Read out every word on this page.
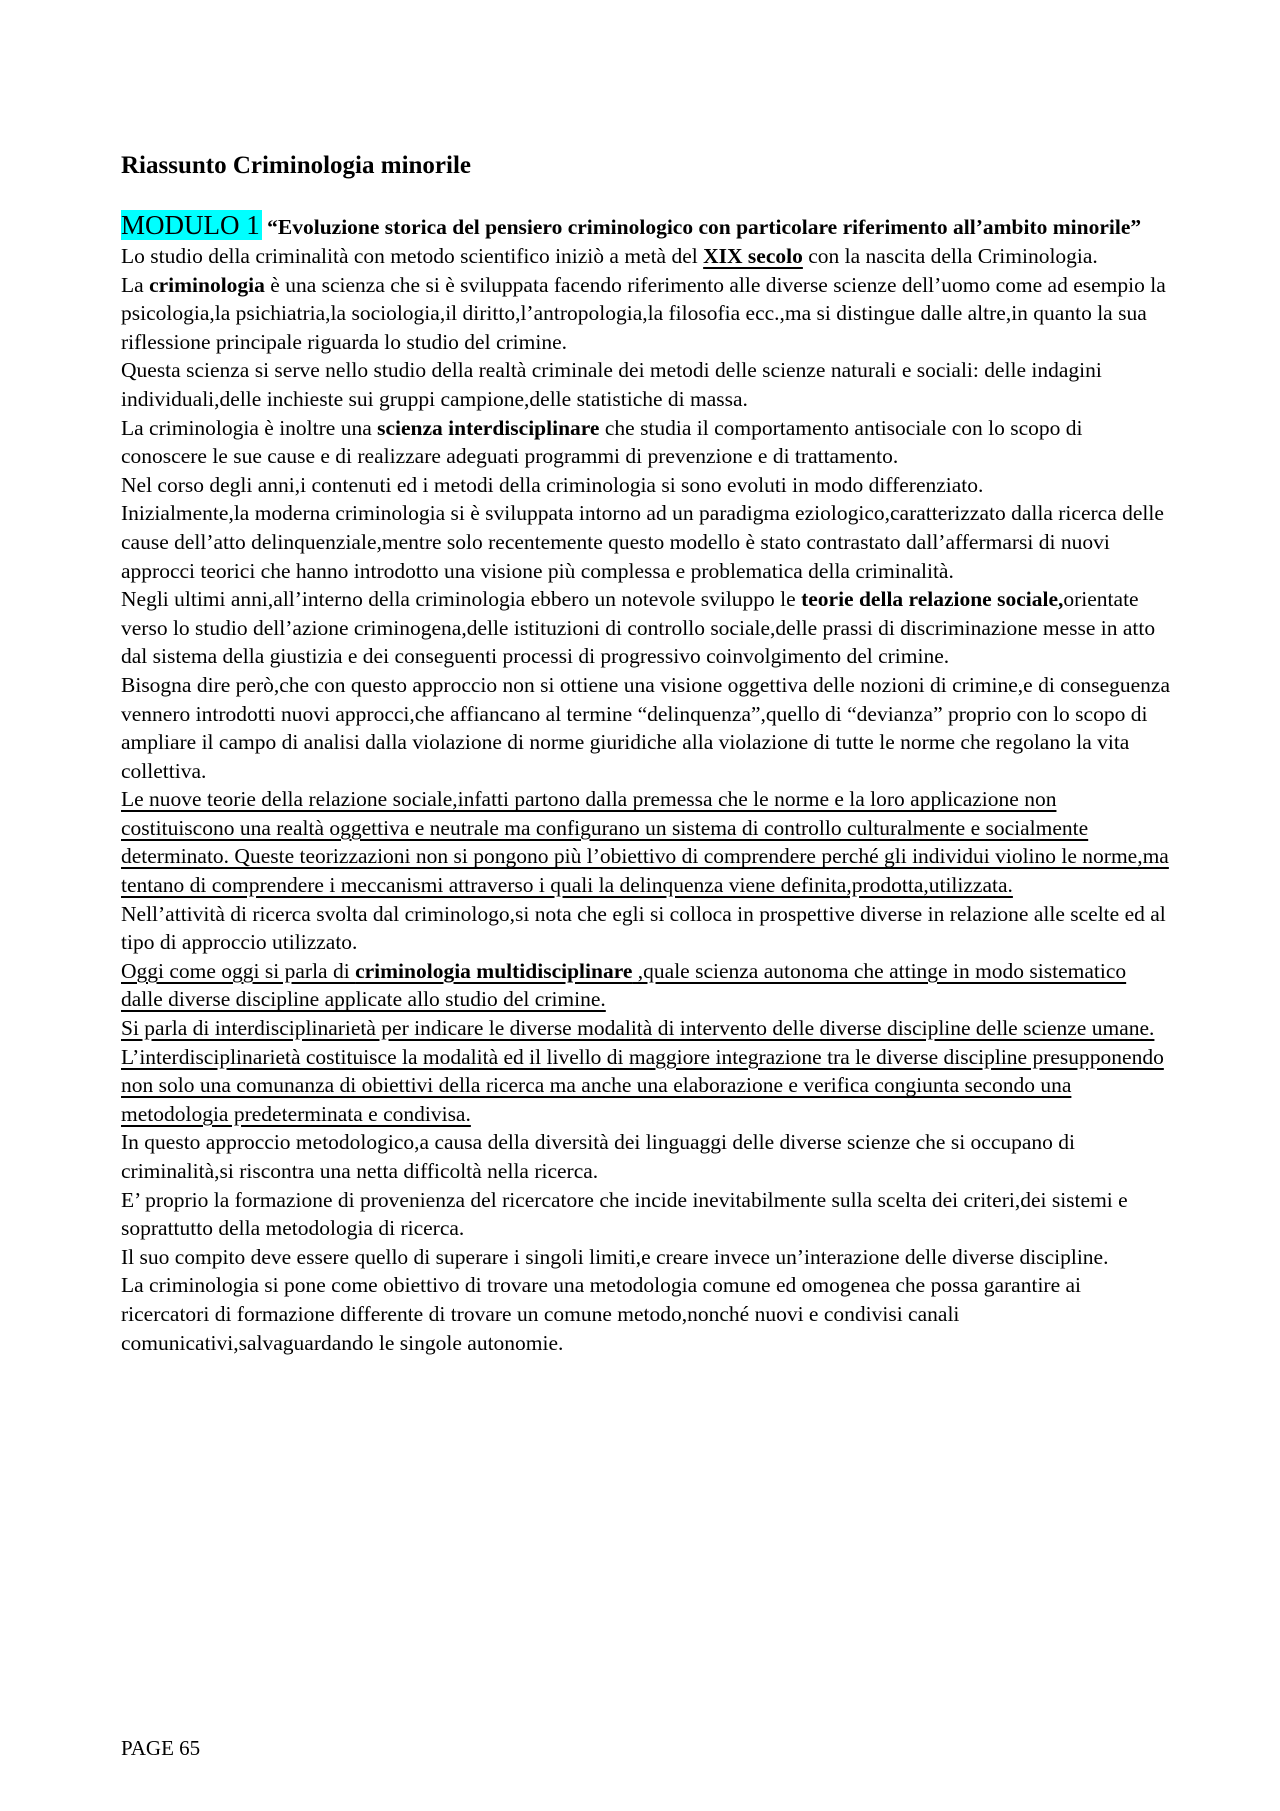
Riassunto Criminologia minorile

MODULO 1 “Evoluzione storica del pensiero criminologico con particolare riferimento all’ambito minorile”

Lo studio della criminalità con metodo scientifico iniziò a metà del XIX secolo con la nascita della Criminologia.

La criminologia è una scienza che si è sviluppata facendo riferimento alle diverse scienze dell’uomo come ad esempio la psicologia,la psichiatria,la sociologia,il diritto,l’antropologia,la filosofia ecc.,ma si distingue dalle altre,in quanto la sua riflessione principale riguarda lo studio del crimine.

Questa scienza si serve nello studio della realtà criminale dei metodi delle scienze naturali e sociali: delle indagini individuali,delle inchieste sui gruppi campione,delle statistiche di massa.

La criminologia è inoltre una scienza interdisciplinare che studia il comportamento antisociale con lo scopo di conoscere le sue cause e di realizzare adeguati programmi di prevenzione e di trattamento.

Nel corso degli anni,i contenuti ed i metodi della criminologia si sono evoluti in modo differenziato.

Inizialmente,la moderna criminologia si è sviluppata intorno ad un paradigma eziologico,caratterizzato dalla ricerca delle cause dell’atto delinquenziale,mentre solo recentemente questo modello è stato contrastato dall’affermarsi di nuovi approcci teorici che hanno introdotto una visione più complessa e problematica della criminalità.

Negli ultimi anni,all’interno della criminologia ebbero un notevole sviluppo le teorie della relazione sociale,orientate verso lo studio dell’azione criminogena,delle istituzioni di controllo sociale,delle prassi di discriminazione messe in atto dal sistema della giustizia e dei conseguenti processi di progressivo coinvolgimento del crimine.

Bisogna dire però,che con questo approccio non si ottiene una visione oggettiva delle nozioni di crimine,e di conseguenza vennero introdotti nuovi approcci,che affiancano al termine “delinquenza”,quello di “devianza” proprio con lo scopo di ampliare il campo di analisi dalla violazione di norme giuridiche alla violazione di tutte le norme che regolano la vita collettiva.

Le nuove teorie della relazione sociale,infatti partono dalla premessa che le norme e la loro applicazione non costituiscono una realtà oggettiva e neutrale ma configurano un sistema di controllo culturalmente e socialmente determinato. Queste teorizzazioni non si pongono più l’obiettivo di comprendere perché gli individui violino le norme,ma tentano di comprendere i meccanismi attraverso i quali la delinquenza viene definita,prodotta,utilizzata.

Nell’attività di ricerca svolta dal criminologo,si nota che egli si colloca in prospettive diverse in relazione alle scelte ed al tipo di approccio utilizzato.

Oggi come oggi si parla di criminologia multidisciplinare ,quale scienza autonoma che attinge in modo sistematico dalle diverse discipline applicate allo studio del crimine.

Si parla di interdisciplinarietà per indicare le diverse modalità di intervento delle diverse discipline delle scienze umane. L’interdisciplinarietà costituisce la modalità ed il livello di maggiore integrazione tra le diverse discipline presupponendo non solo una comunanza di obiettivi della ricerca ma anche una elaborazione e verifica congiunta secondo una metodologia predeterminata e condivisa.

In questo approccio metodologico,a causa della diversità dei linguaggi delle diverse scienze che si occupano di criminalità,si riscontra una netta difficoltà nella ricerca.

E’ proprio la formazione di provenienza del ricercatore che incide inevitabilmente sulla scelta dei criteri,dei sistemi e soprattutto della metodologia di ricerca.

Il suo compito deve essere quello di superare i singoli limiti,e creare invece un’interazione delle diverse discipline.

La criminologia si pone come obiettivo di trovare una metodologia comune ed omogenea che possa garantire ai ricercatori di formazione differente di trovare un comune metodo,nonché nuovi e condivisi canali comunicativi,salvaguardando le singole autonomie.

PAGE 65
